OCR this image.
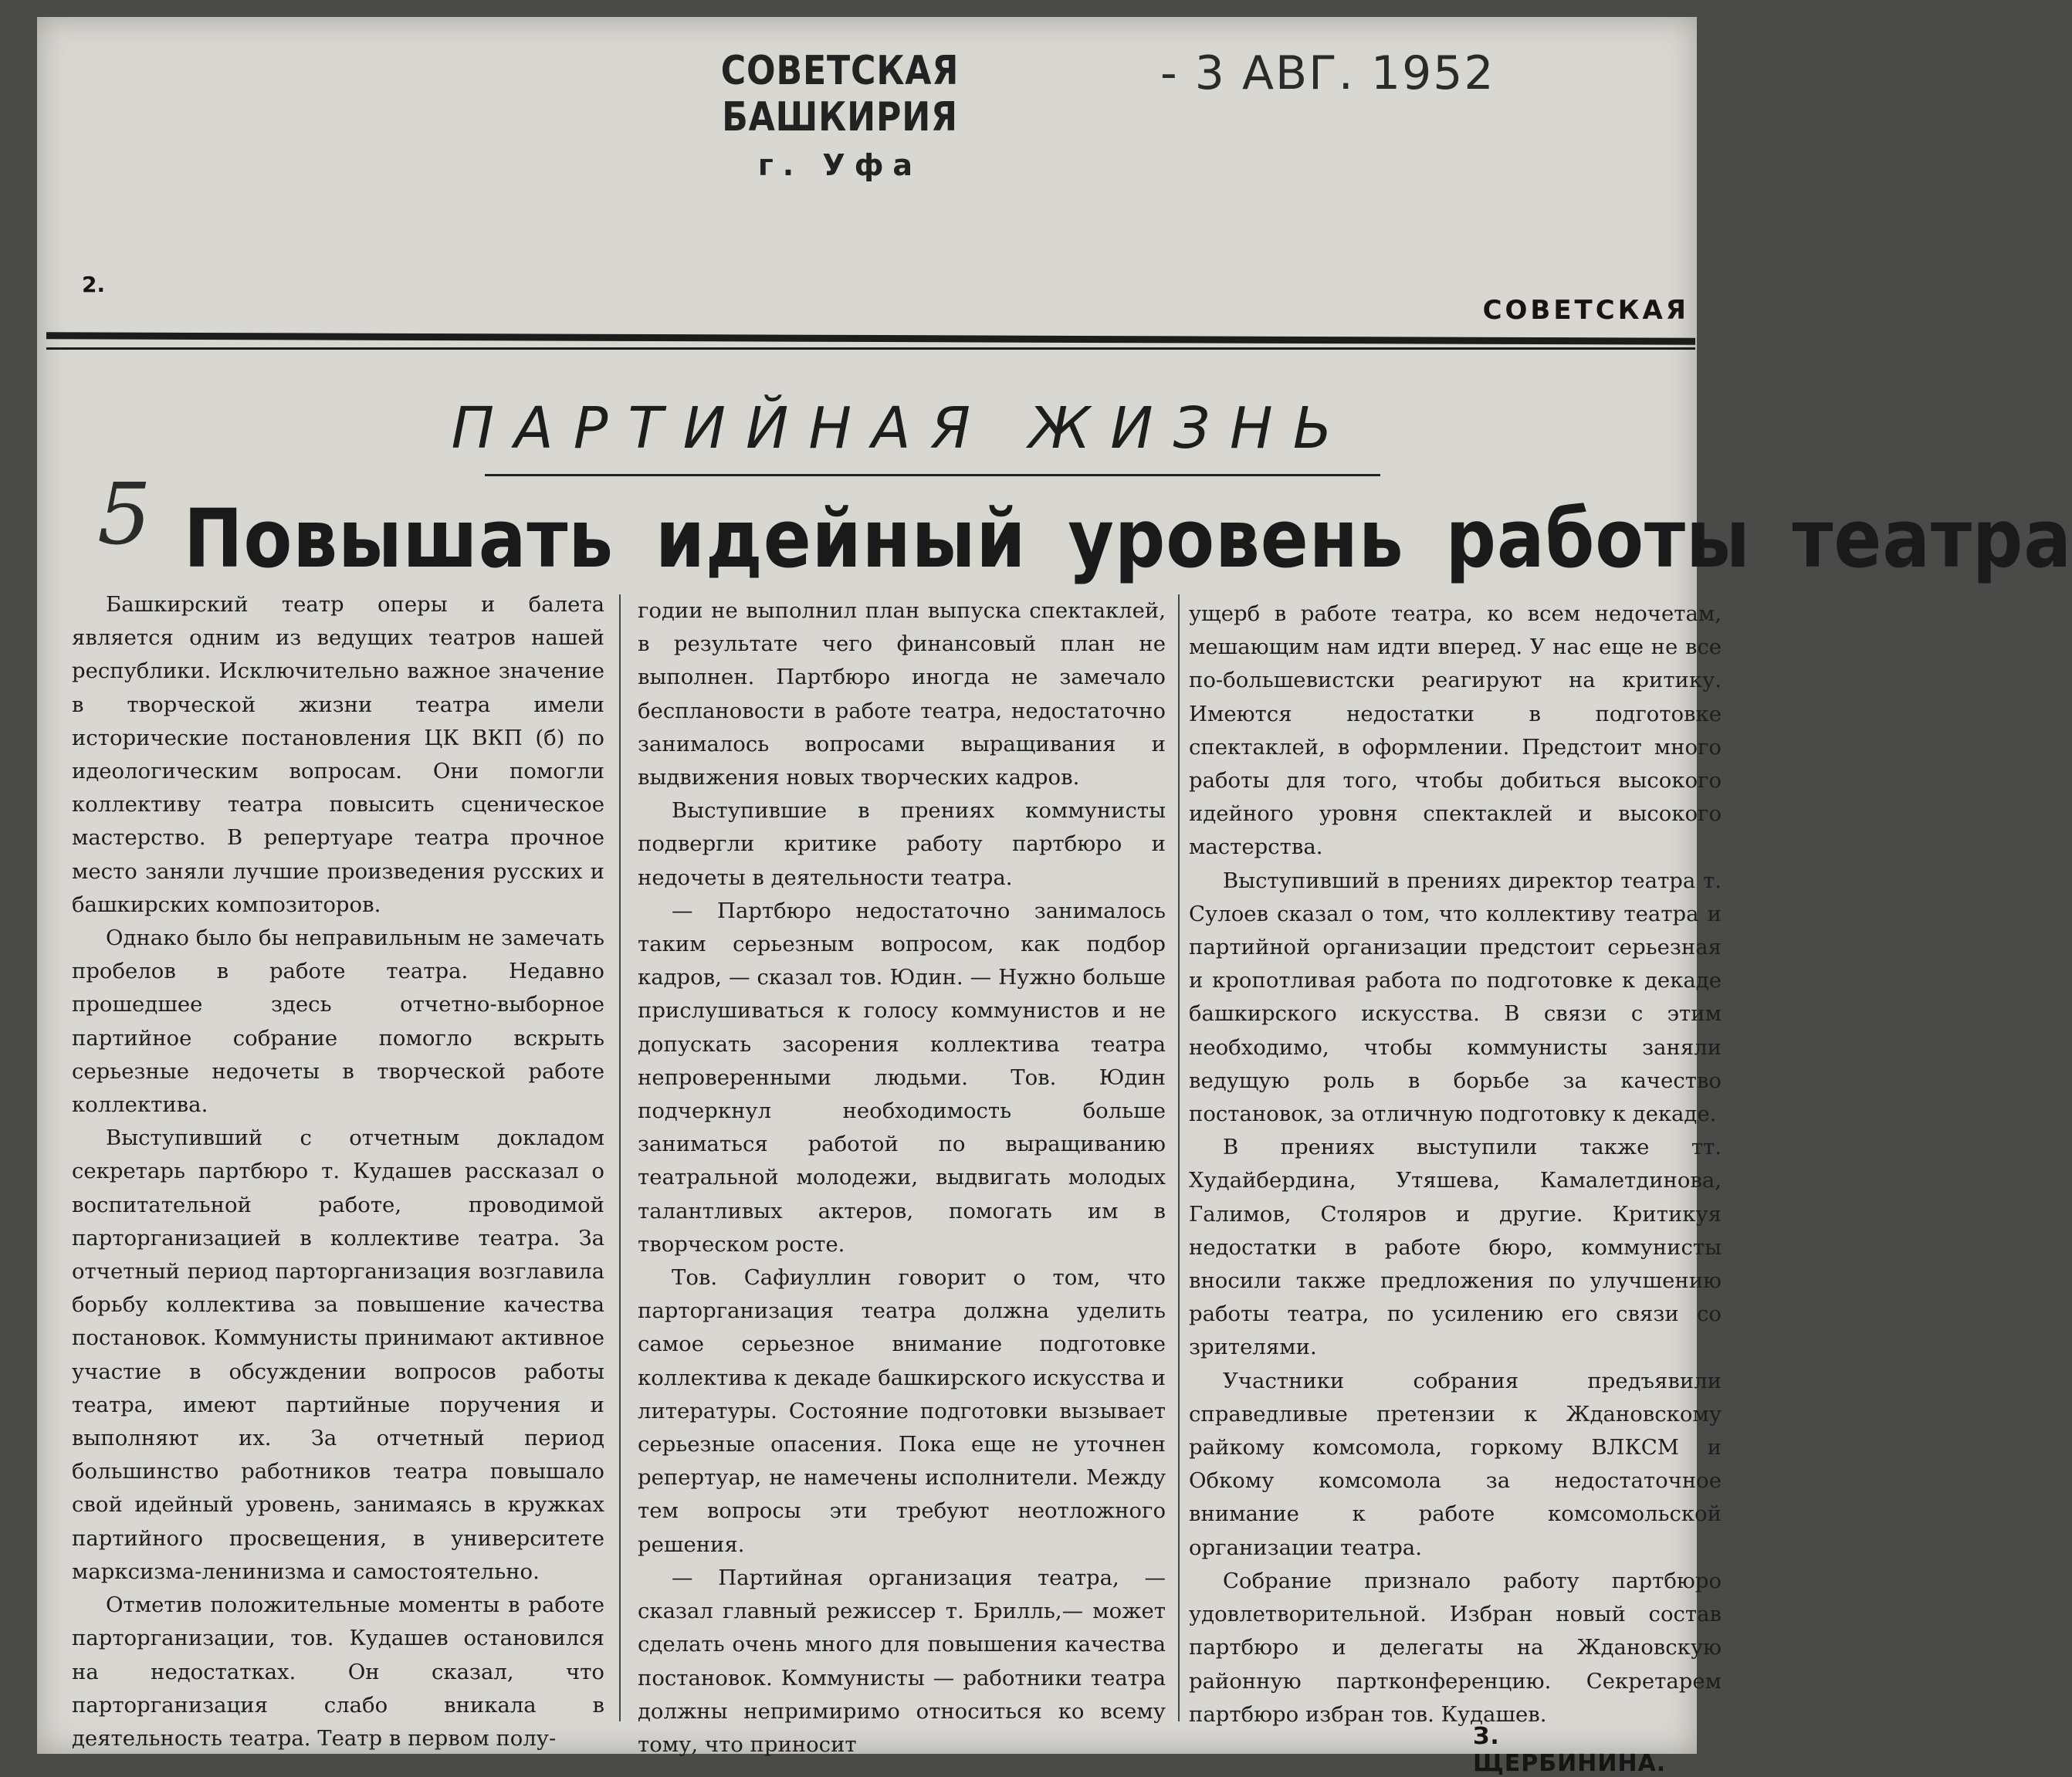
СОВЕТСКАЯ БАШКИРИЯ
г. Уфа
- 3 АВГ. 1952
2.
СОВЕТСКАЯ
ПАРТИЙНАЯ ЖИЗНЬ
5 Повышать идейный уровень работы театра

Башкирский театр оперы и балета является одним из ведущих театров нашей республики. Исключительно важное значение в творческой жизни театра имели исторические постановления ЦК ВКП (б) по идеологическим вопросам. Они помогли коллективу театра повысить сценическое мастерство. В репертуаре театра прочное место заняли лучшие произведения русских и башкирских композиторов.

Однако было бы неправильным не замечать пробелов в работе театра. Недавно прошедшее здесь отчетно-выборное партийное собрание помогло вскрыть серьезные недочеты в творческой работе коллектива.

Выступивший с отчетным докладом секретарь партбюро т. Кудашев рассказал о воспитательной работе, проводимой парторганизацией в коллективе театра. За отчетный период парторганизация возглавила борьбу коллектива за повышение качества постановок. Коммунисты принимают активное участие в обсуждении вопросов работы театра, имеют партийные поручения и выполняют их. За отчетный период большинство работников театра повышало свой идейный уровень, занимаясь в кружках партийного просвещения, в университете марксизма-ленинизма и самостоятельно.

Отметив положительные моменты в работе парторганизации, тов. Кудашев остановился на недостатках. Он сказал, что парторганизация слабо вникала в деятельность театра. Театр в первом полу-

годии не выполнил план выпуска спектаклей, в результате чего финансовый план не выполнен. Партбюро иногда не замечало бесплановости в работе театра, недостаточно занималось вопросами выращивания и выдвижения новых творческих кадров.

Выступившие в прениях коммунисты подвергли критике работу партбюро и недочеты в деятельности театра.

— Партбюро недостаточно занималось таким серьезным вопросом, как подбор кадров, — сказал тов. Юдин. — Нужно больше прислушиваться к голосу коммунистов и не допускать засорения коллектива театра непроверенными людьми. Тов. Юдин подчеркнул необходимость больше заниматься работой по выращиванию театральной молодежи, выдвигать молодых талантливых актеров, помогать им в творческом росте.

Тов. Сафиуллин говорит о том, что парторганизация театра должна уделить самое серьезное внимание подготовке коллектива к декаде башкирского искусства и литературы. Состояние подготовки вызывает серьезные опасения. Пока еще не уточнен репертуар, не намечены исполнители. Между тем вопросы эти требуют неотложного решения.

— Партийная организация театра, — сказал главный режиссер т. Брилль,— может сделать очень много для повышения качества постановок. Коммунисты — работники театра должны непримиримо относиться ко всему тому, что приносит

ущерб в работе театра, ко всем недочетам, мешающим нам идти вперед. У нас еще не все по-большевистски реагируют на критику. Имеются недостатки в подготовке спектаклей, в оформлении. Предстоит много работы для того, чтобы добиться высокого идейного уровня спектаклей и высокого мастерства.

Выступивший в прениях директор театра т. Сулоев сказал о том, что коллективу театра и партийной организации предстоит серьезная и кропотливая работа по подготовке к декаде башкирского искусства. В связи с этим необходимо, чтобы коммунисты заняли ведущую роль в борьбе за качество постановок, за отличную подготовку к декаде.

В прениях выступили также тт. Худайбердина, Утяшева, Камалетдинова, Галимов, Столяров и другие. Критикуя недостатки в работе бюро, коммунисты вносили также предложения по улучшению работы театра, по усилению его связи со зрителями.

Участники собрания предъявили справедливые претензии к Ждановскому райкому комсомола, горкому ВЛКСМ и Обкому комсомола за недостаточное внимание к работе комсомольской организации театра.

Собрание признало работу партбюро удовлетворительной. Избран новый состав партбюро и делегаты на Ждановскую районную партконференцию. Секретарем партбюро избран тов. Кудашев.

З. ЩЕРБИНИНА.
